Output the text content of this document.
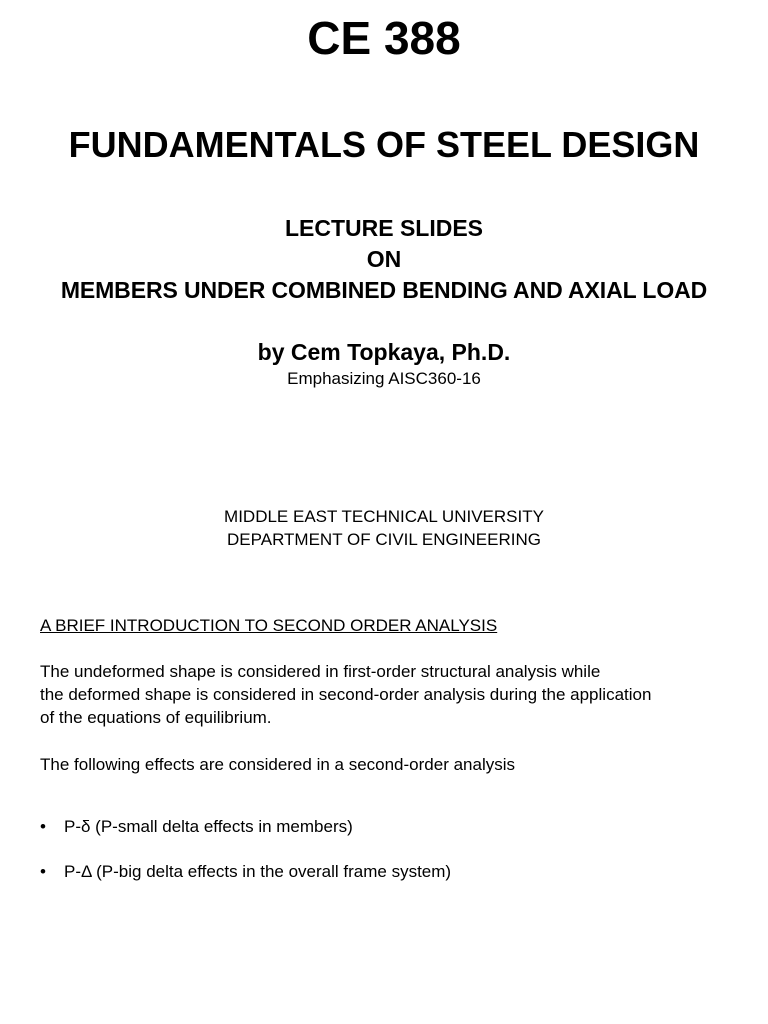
CE 388
FUNDAMENTALS OF STEEL DESIGN
LECTURE SLIDES
ON
MEMBERS UNDER COMBINED BENDING AND AXIAL LOAD
by Cem Topkaya, Ph.D.
Emphasizing AISC360-16
MIDDLE EAST TECHNICAL UNIVERSITY
DEPARTMENT OF CIVIL ENGINEERING
A BRIEF INTRODUCTION TO SECOND ORDER ANALYSIS
The undeformed shape is considered in first-order structural analysis while
the deformed shape is considered in second-order analysis during the application
of the equations of equilibrium.
The following effects are considered in a second-order analysis
• P-δ (P-small delta effects in members)
• P-Δ (P-big delta effects in the overall frame system)
